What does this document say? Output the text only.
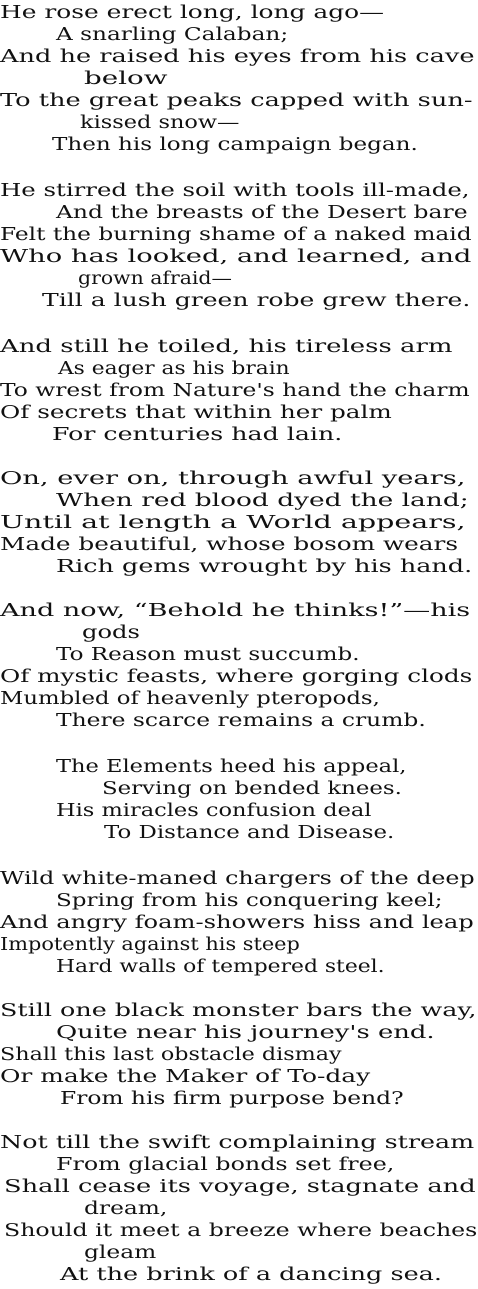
He rose erect long, long ago—
A snarling Calaban;
And he raised his eyes from his cave
below
To the great peaks capped with sun-
kissed snow—
Then his long campaign began.
He stirred the soil with tools ill-made,
And the breasts of the Desert bare
Felt the burning shame of a naked maid
Who has looked, and learned, and
grown afraid—
Till a lush green robe grew there.
And still he toiled, his tireless arm
As eager as his brain
To wrest from Nature's hand the charm
Of secrets that within her palm
For centuries had lain.
On, ever on, through awful years,
When red blood dyed the land;
Until at length a World appears,
Made beautiful, whose bosom wears
Rich gems wrought by his hand.
And now, “Behold he thinks!”—his
gods
To Reason must succumb.
Of mystic feasts, where gorging clods
Mumbled of heavenly pteropods,
There scarce remains a crumb.
The Elements heed his appeal,
Serving on bended knees.
His miracles confusion deal
To Distance and Disease.
Wild white-maned chargers of the deep
Spring from his conquering keel;
And angry foam-showers hiss and leap
Impotently against his steep
Hard walls of tempered steel.
Still one black monster bars the way,
Quite near his journey's end.
Shall this last obstacle dismay
Or make the Maker of To-day
From his firm purpose bend?
Not till the swift complaining stream
From glacial bonds set free,
Shall cease its voyage, stagnate and
dream,
Should it meet a breeze where beaches
gleam
At the brink of a dancing sea.
